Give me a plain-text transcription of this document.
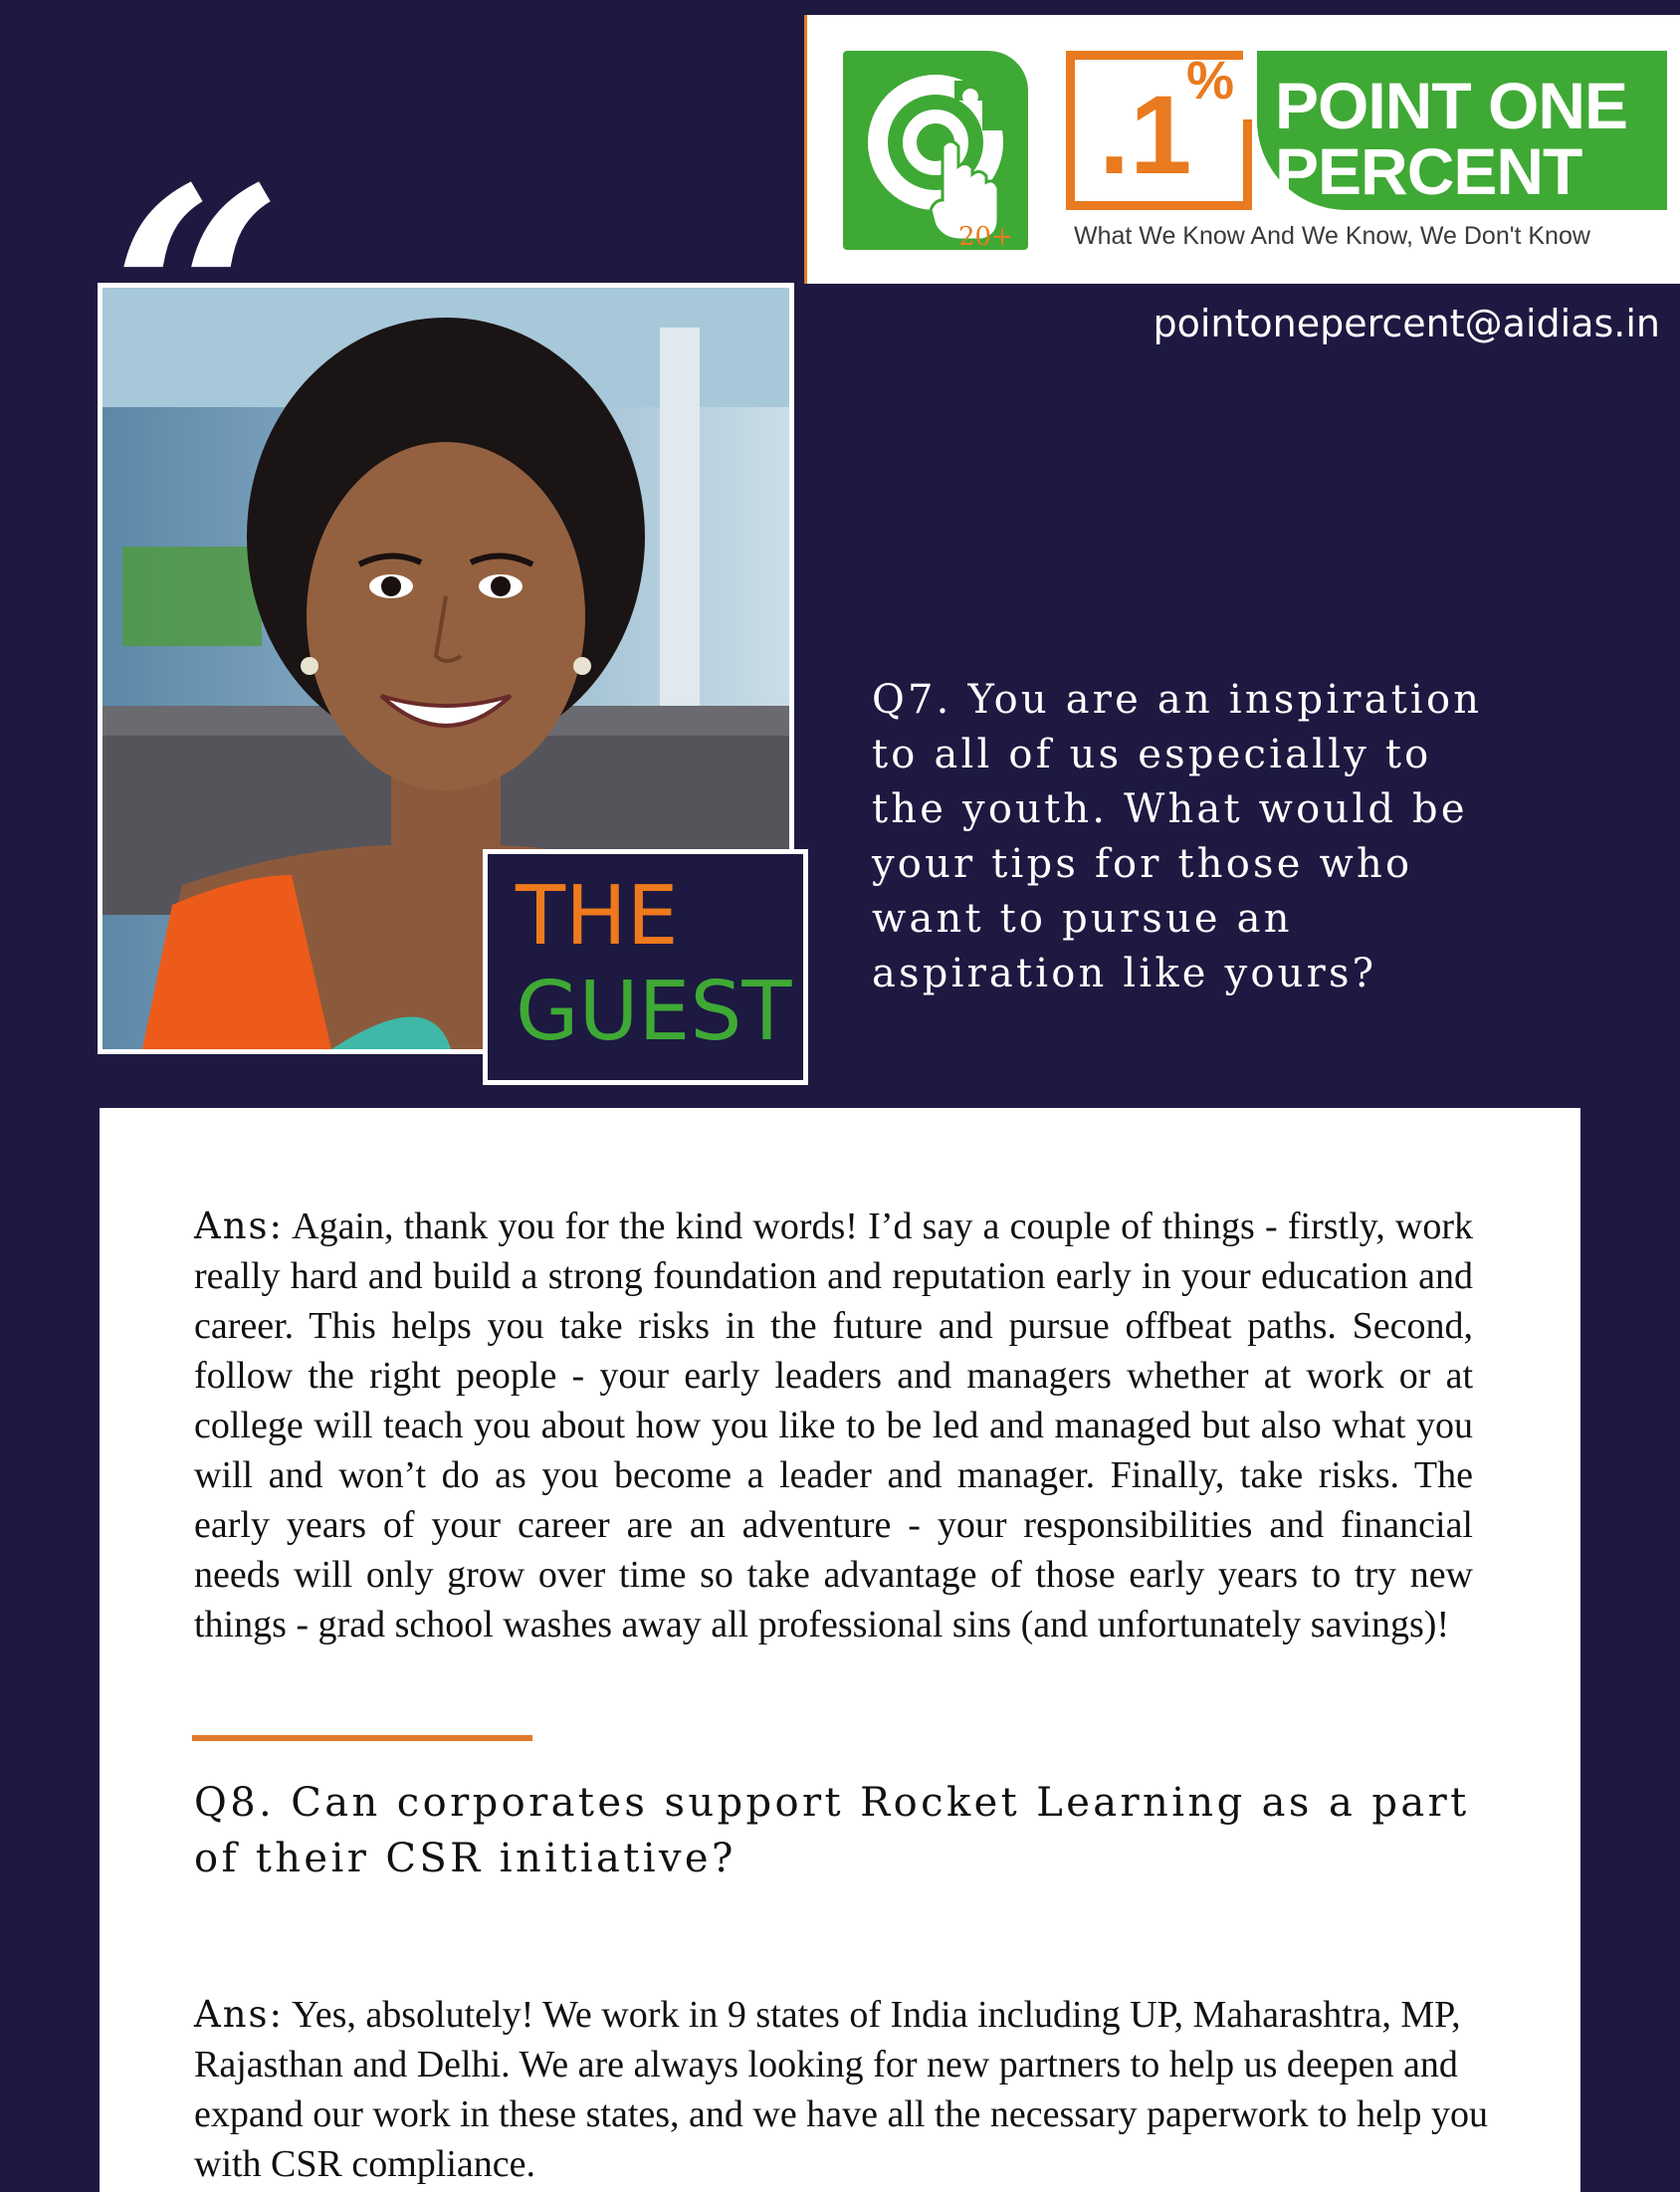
20+
.1
% POINT ONE
PERCENT
What We Know And We Know, We Don't Know
pointonepercent@aidias.in
THE
GUEST
Q7. You are an inspiration to all of us especially to the youth. What would be your tips for those who want to pursue an aspiration like yours?

Ans: Again, thank you for the kind words! I’d say a couple of things - firstly, work really hard and build a strong foundation and reputation early in your education and career. This helps you take risks in the future and pursue offbeat paths. Second, follow the right people - your early leaders and managers whether at work or at college will teach you about how you like to be led and managed but also what you will and won’t do as you become a leader and manager. Finally, take risks. The early years of your career are an adventure - your responsibilities and financial needs will only grow over time so take advantage of those early years to try new things - grad school washes away all professional sins (and unfortunately savings)!

Q8. Can corporates support Rocket Learning as a part of their CSR initiative?

Ans: Yes, absolutely! We work in 9 states of India including UP, Maharashtra, MP, Rajasthan and Delhi. We are always looking for new partners to help us deepen and expand our work in these states, and we have all the necessary paperwork to help you with CSR compliance.
